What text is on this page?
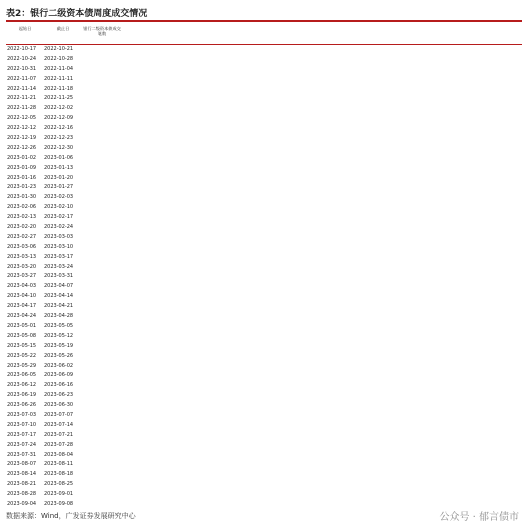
表2：银行二级资本债周度成交情况
起始日	截止日	银行二级资本债成交笔数
2022-10-17	2022-10-21
2022-10-24	2022-10-28
2022-10-31	2022-11-04
2022-11-07	2022-11-11
2022-11-14	2022-11-18
2022-11-21	2022-11-25
2022-11-28	2022-12-02
2022-12-05	2022-12-09
2022-12-12	2022-12-16
2022-12-19	2022-12-23
2022-12-26	2022-12-30
2023-01-02	2023-01-06
2023-01-09	2023-01-13
2023-01-16	2023-01-20
2023-01-23	2023-01-27
2023-01-30	2023-02-03
2023-02-06	2023-02-10
2023-02-13	2023-02-17
2023-02-20	2023-02-24
2023-02-27	2023-03-03
2023-03-06	2023-03-10
2023-03-13	2023-03-17
2023-03-20	2023-03-24
2023-03-27	2023-03-31
2023-04-03	2023-04-07
2023-04-10	2023-04-14
2023-04-17	2023-04-21
2023-04-24	2023-04-28
2023-05-01	2023-05-05
2023-05-08	2023-05-12
2023-05-15	2023-05-19
2023-05-22	2023-05-26
2023-05-29	2023-06-02
2023-06-05	2023-06-09
2023-06-12	2023-06-16
2023-06-19	2023-06-23
2023-06-26	2023-06-30
2023-07-03	2023-07-07
2023-07-10	2023-07-14
2023-07-17	2023-07-21
2023-07-24	2023-07-28
2023-07-31	2023-08-04
2023-08-07	2023-08-11
2023-08-14	2023-08-18
2023-08-21	2023-08-25
2023-08-28	2023-09-01
2023-09-04	2023-09-08
数据来源：Wind，广发证券发展研究中心	公众号 · 郁言债市
